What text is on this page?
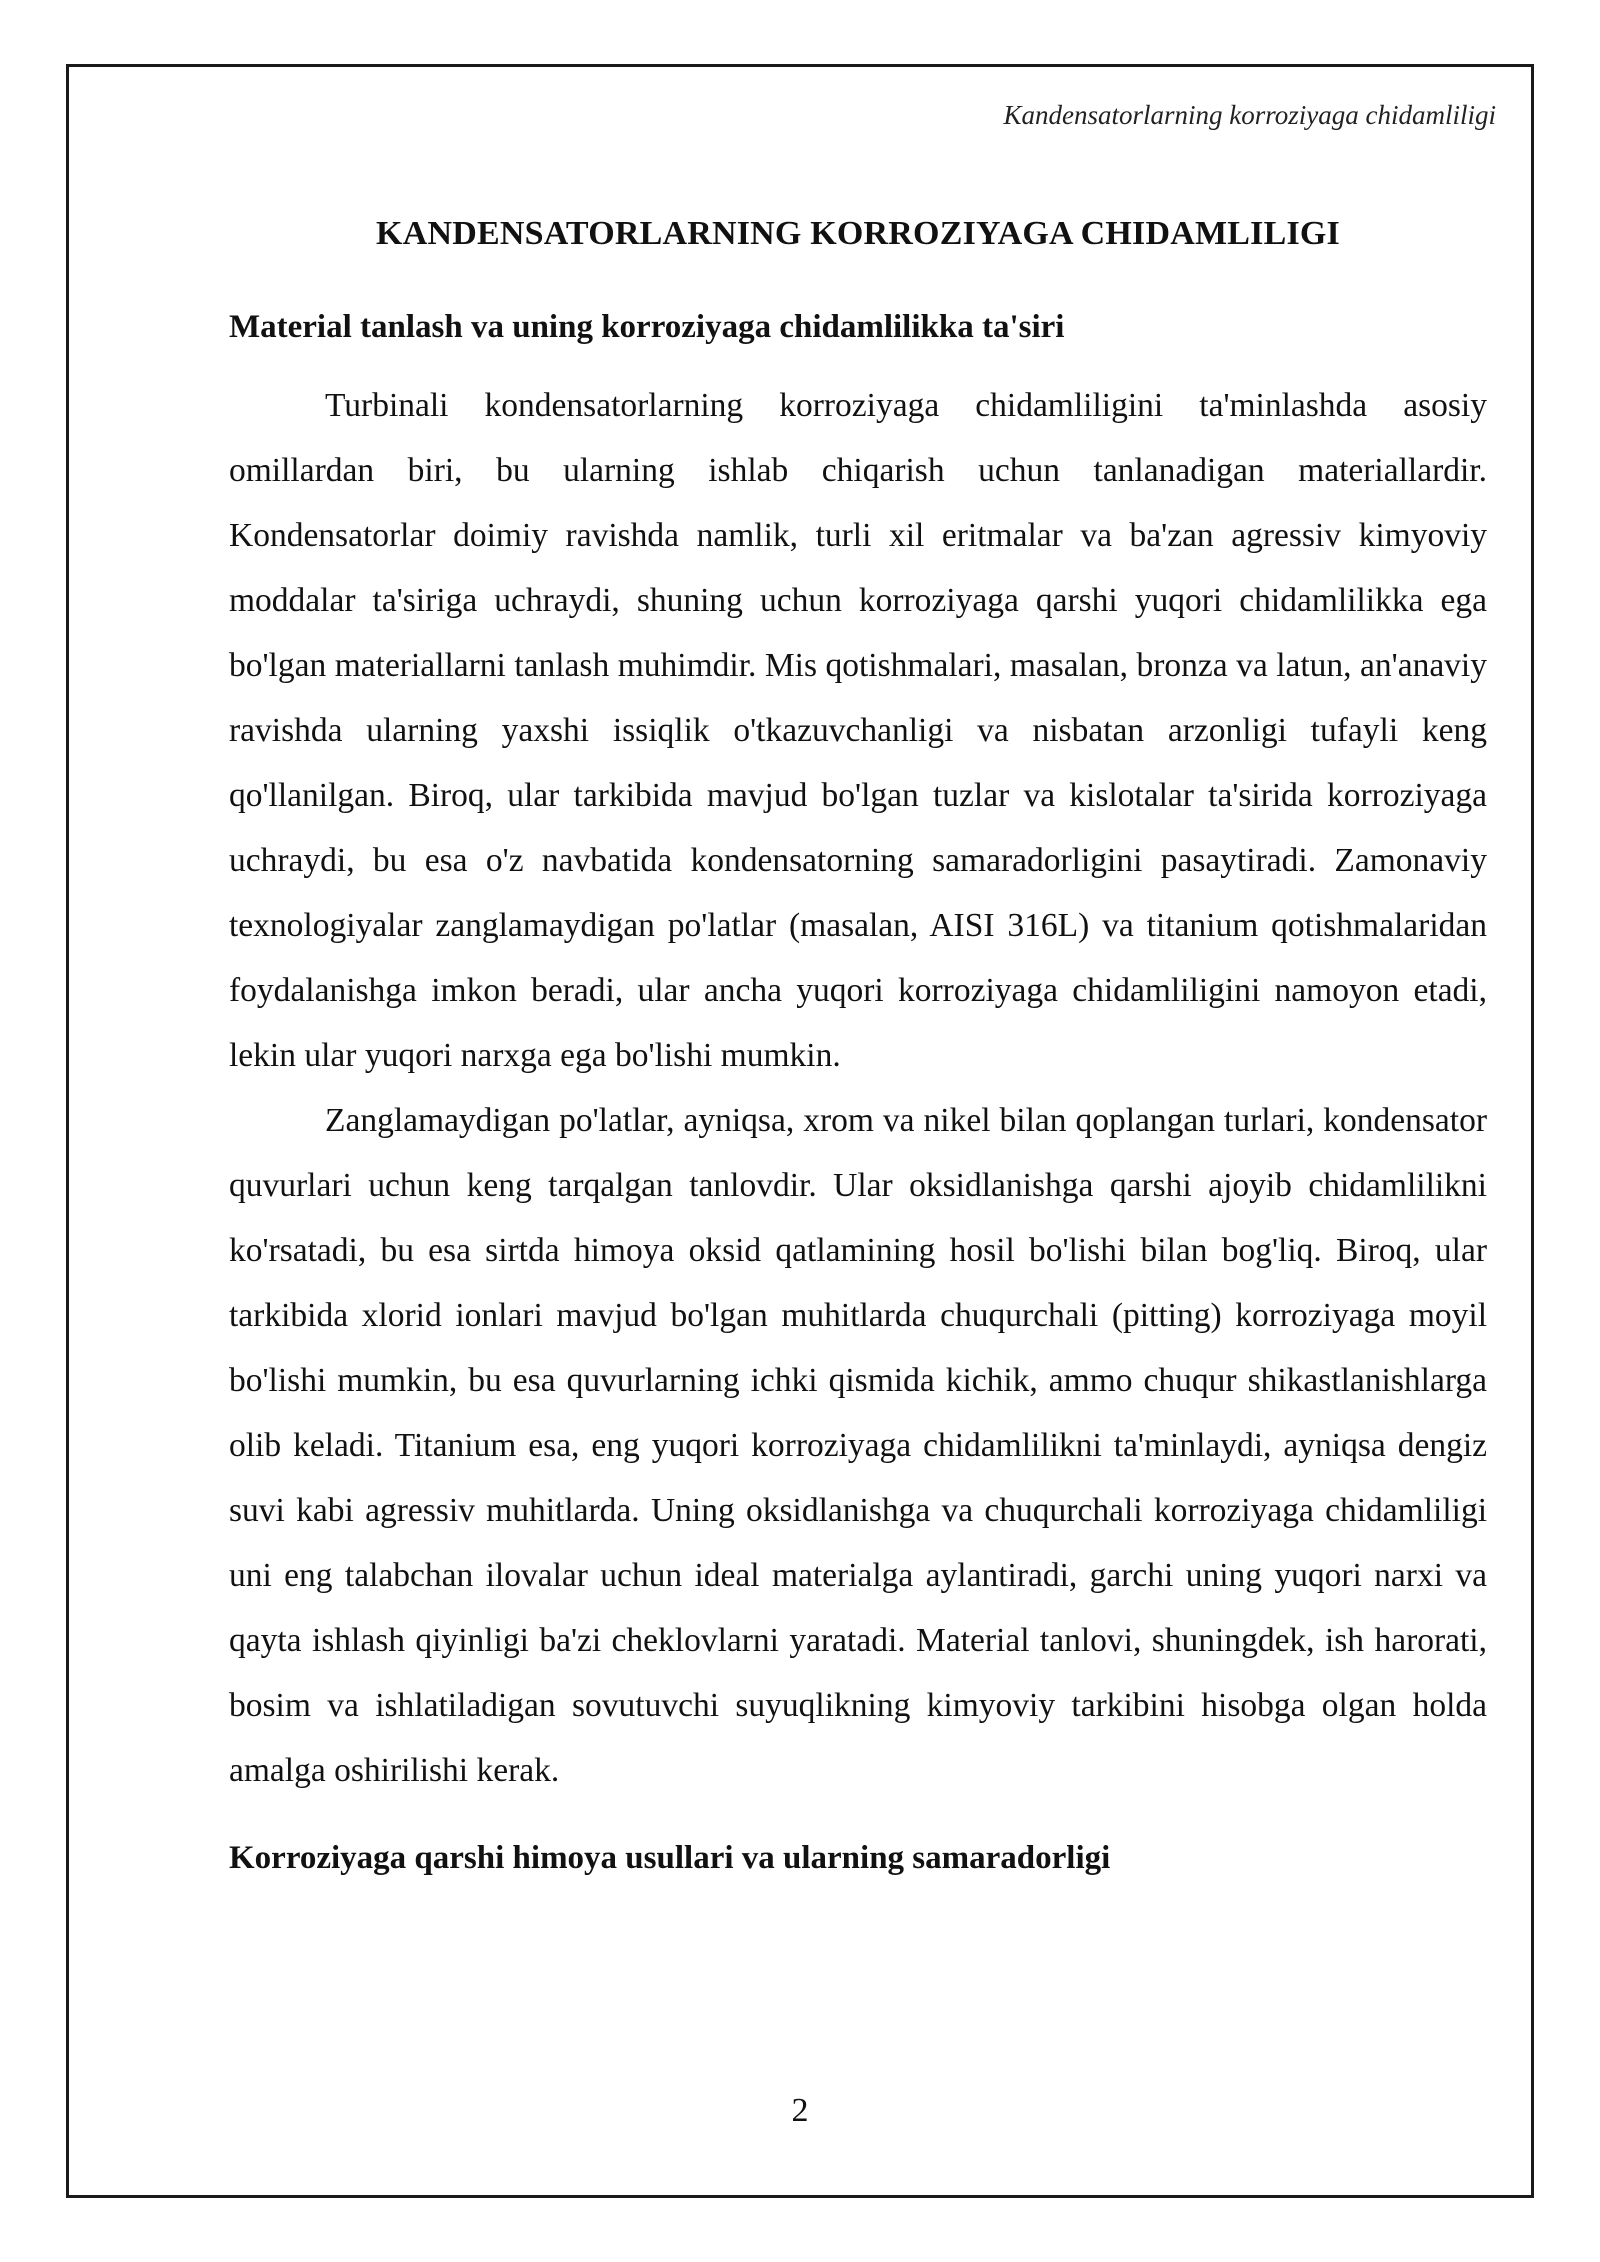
Kandensatorlarning korroziyaga chidamliligi
KANDENSATORLARNING KORROZIYAGA CHIDAMLILIGI
Material tanlash va uning korroziyaga chidamlilikka ta'siri

Turbinali kondensatorlarning korroziyaga chidamliligini ta'minlashda asosiy omillardan biri, bu ularning ishlab chiqarish uchun tanlanadigan materiallardir. Kondensatorlar doimiy ravishda namlik, turli xil eritmalar va ba'zan agressiv kimyoviy moddalar ta'siriga uchraydi, shuning uchun korroziyaga qarshi yuqori chidamlilikka ega bo'lgan materiallarni tanlash muhimdir. Mis qotishmalari, masalan, bronza va latun, an'anaviy ravishda ularning yaxshi issiqlik o'tkazuvchanligi va nisbatan arzonligi tufayli keng qo'llanilgan. Biroq, ular tarkibida mavjud bo'lgan tuzlar va kislotalar ta'sirida korroziyaga uchraydi, bu esa o'z navbatida kondensatorning samaradorligini pasaytiradi. Zamonaviy texnologiyalar zanglamaydigan po'latlar (masalan, AISI 316L) va titanium qotishmalaridan foydalanishga imkon beradi, ular ancha yuqori korroziyaga chidamliligini namoyon etadi, lekin ular yuqori narxga ega bo'lishi mumkin.

Zanglamaydigan po'latlar, ayniqsa, xrom va nikel bilan qoplangan turlari, kondensator quvurlari uchun keng tarqalgan tanlovdir. Ular oksidlanishga qarshi ajoyib chidamlilikni ko'rsatadi, bu esa sirtda himoya oksid qatlamining hosil bo'lishi bilan bog'liq. Biroq, ular tarkibida xlorid ionlari mavjud bo'lgan muhitlarda chuqurchali (pitting) korroziyaga moyil bo'lishi mumkin, bu esa quvurlarning ichki qismida kichik, ammo chuqur shikastlanishlarga olib keladi. Titanium esa, eng yuqori korroziyaga chidamlilikni ta'minlaydi, ayniqsa dengiz suvi kabi agressiv muhitlarda. Uning oksidlanishga va chuqurchali korroziyaga chidamliligi uni eng talabchan ilovalar uchun ideal materialga aylantiradi, garchi uning yuqori narxi va qayta ishlash qiyinligi ba'zi cheklovlarni yaratadi. Material tanlovi, shuningdek, ish harorati, bosim va ishlatiladigan sovutuvchi suyuqlikning kimyoviy tarkibini hisobga olgan holda amalga oshirilishi kerak.

Korroziyaga qarshi himoya usullari va ularning samaradorligi
2
